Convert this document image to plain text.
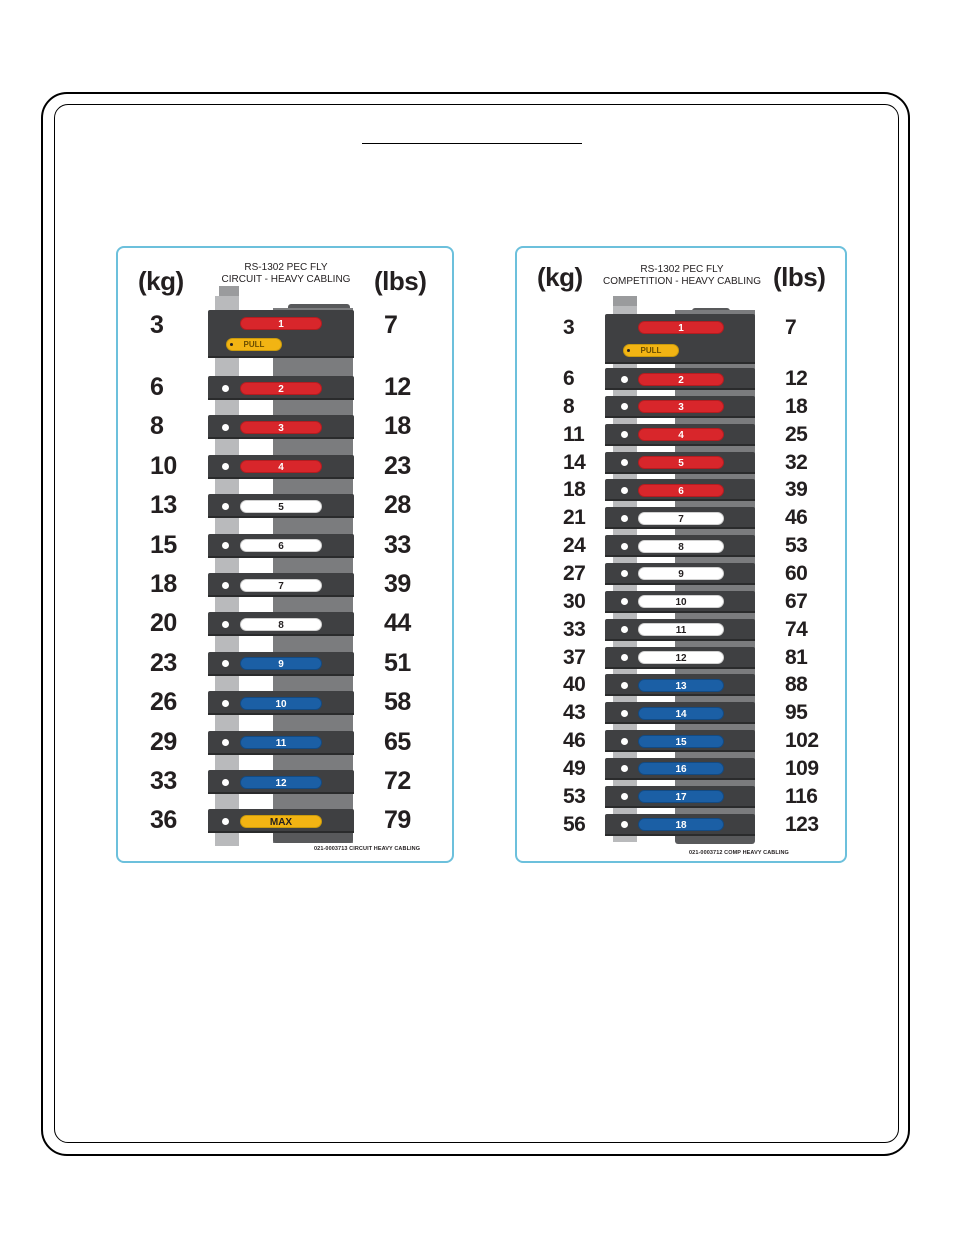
(kg)	(lbs)
RS-1302 PEC FLY
CIRCUIT - HEAVY CABLING
1
PULL
3	7
2
6	12
3
8	18
4
10	23
5
13	28
6
15	33
7
18	39
8
20	44
9
23	51
10
26	58
11
29	65
12
33	72
MAX
36	79
021-0003713 CIRCUIT HEAVY CABLING
(kg)	(lbs)
RS-1302 PEC FLY
COMPETITION - HEAVY CABLING
1
PULL
3	7
2
6	12
3
8	18
4
11	25
5
14	32
6
18	39
7
21	46
8
24	53
9
27	60
10
30	67
11
33	74
12
37	81
13
40	88
14
43	95
15
46	102
16
49	109
17
53	116
18
56	123
021-0003712 COMP HEAVY CABLING
